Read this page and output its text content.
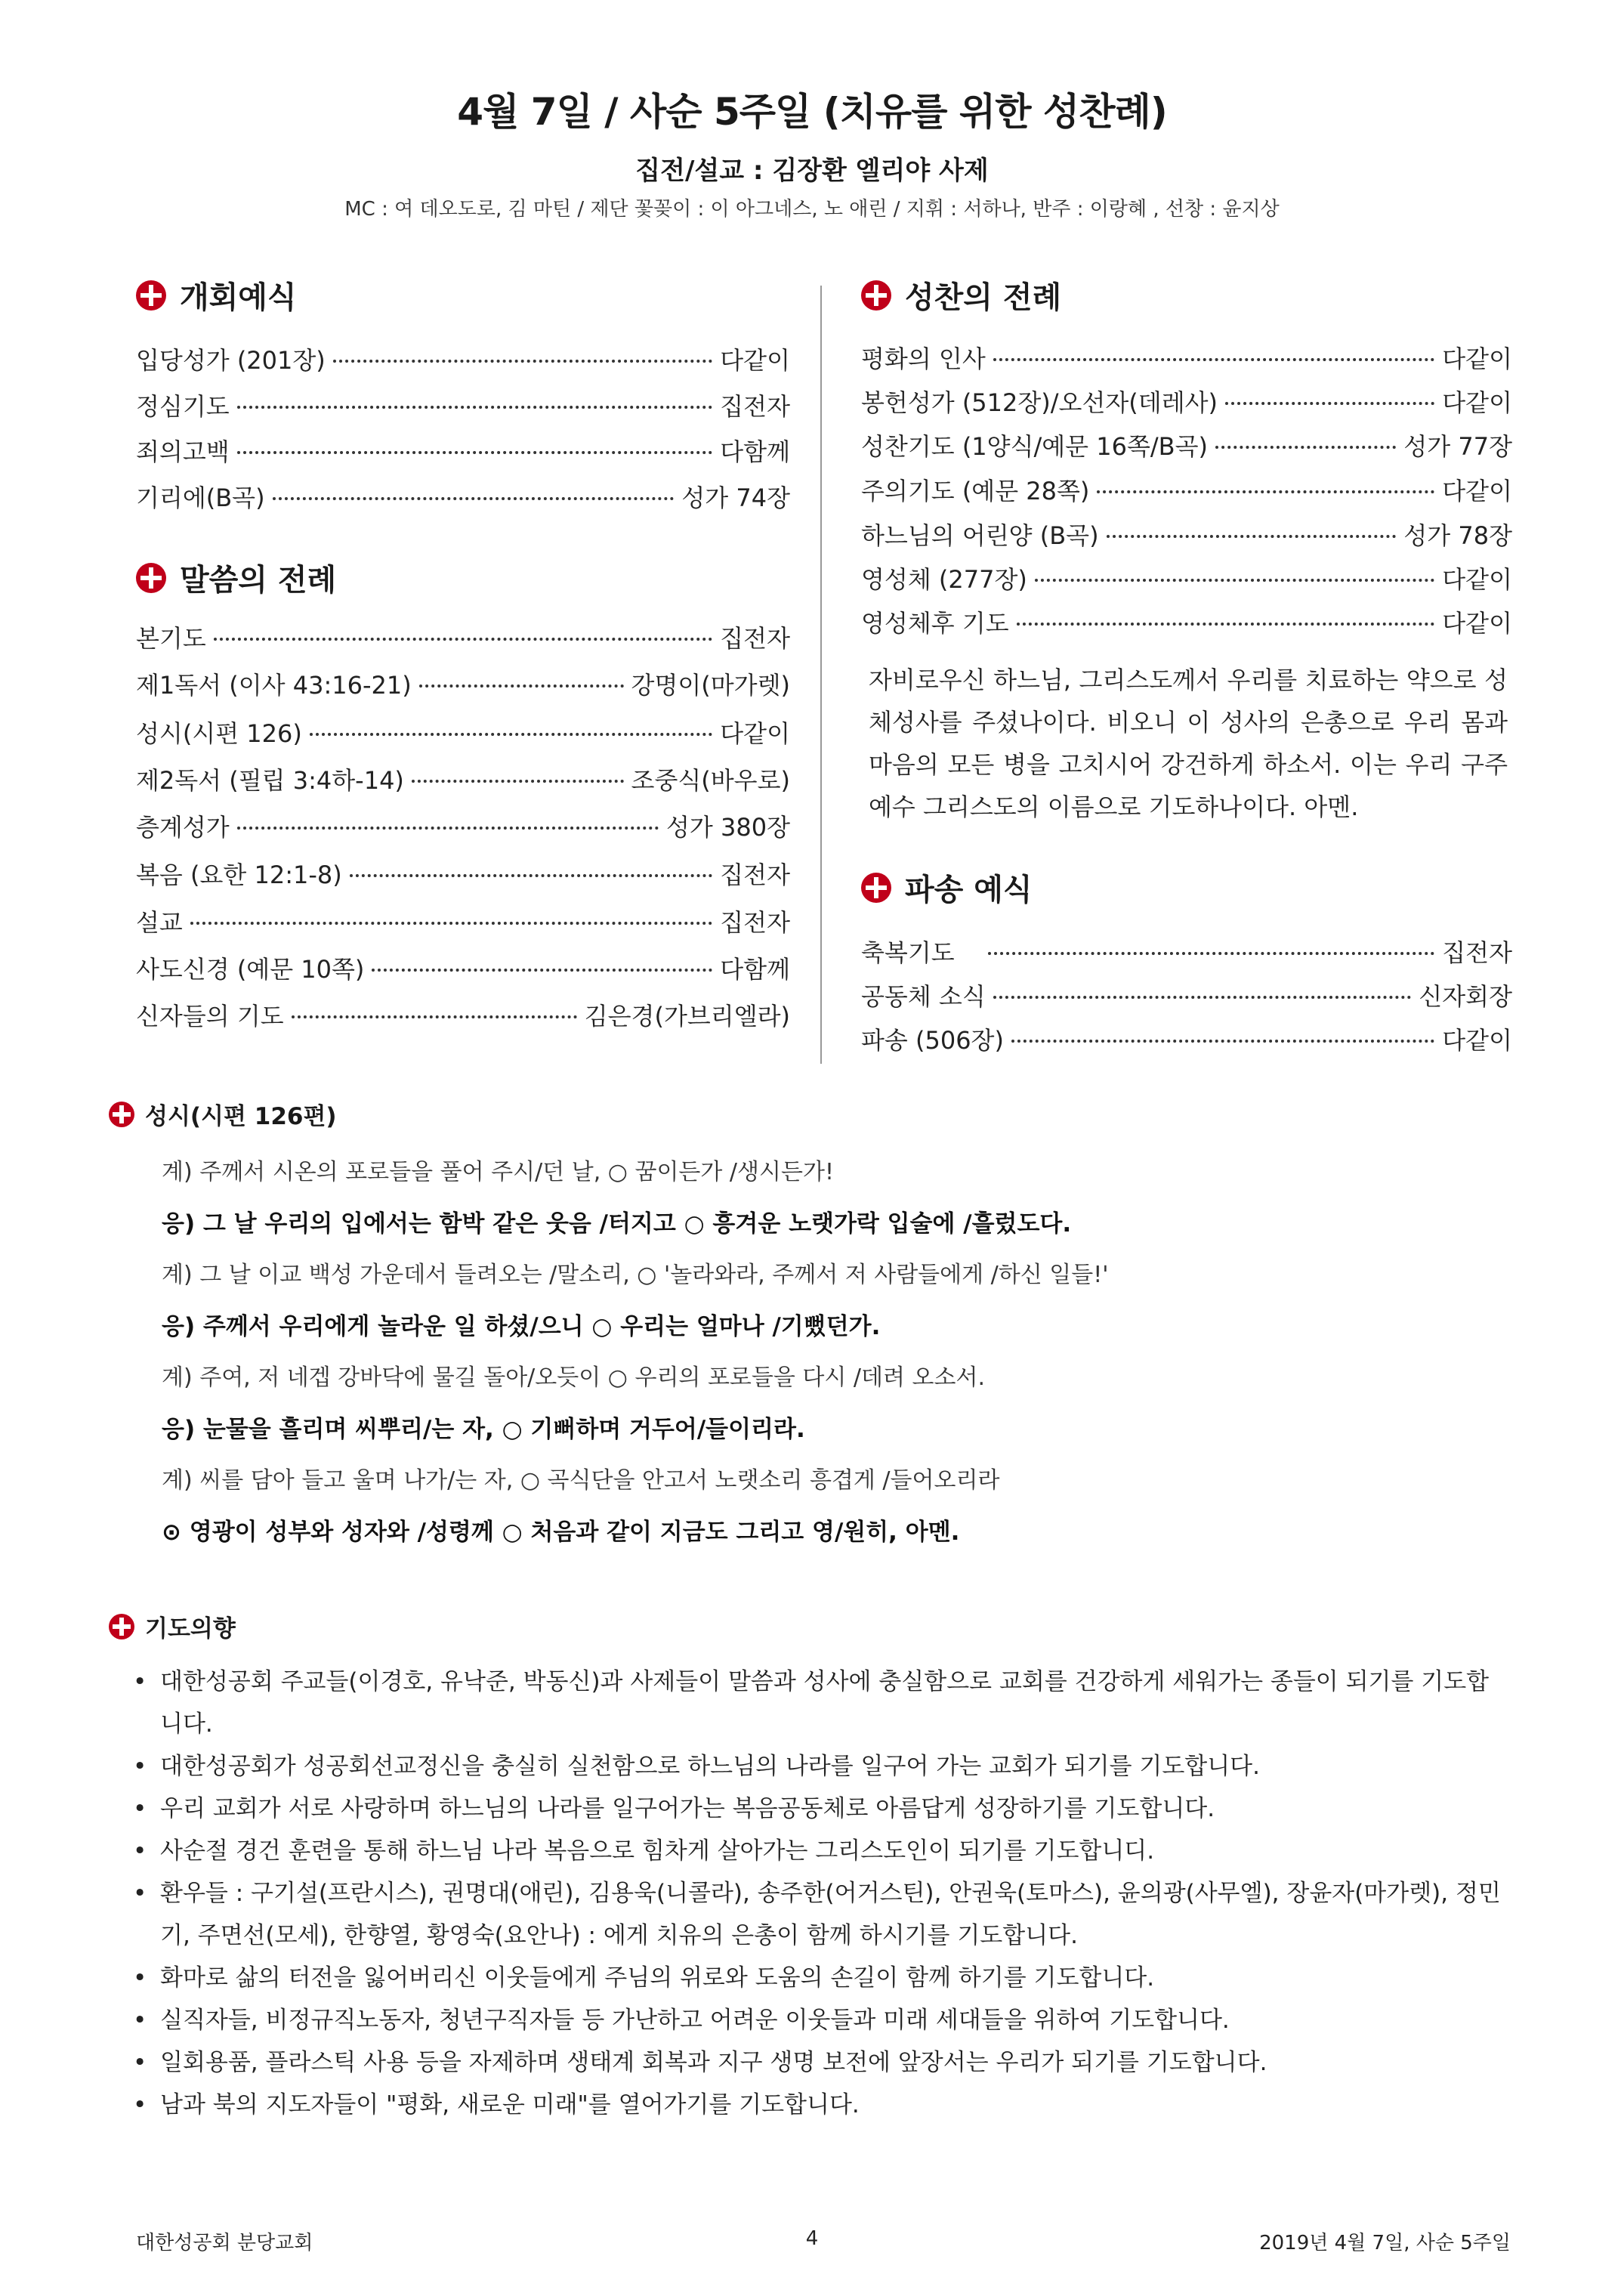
4월 7일 / 사순 5주일 (치유를 위한 성찬례)
집전/설교 : 김장환 엘리야 사제
MC : 여 데오도로, 김 마틴 / 제단 꽃꽂이 : 이 아그네스, 노 애린 / 지휘 : 서하나, 반주 : 이랑혜 , 선창 : 윤지상
개회예식
입당성가 (201장)	다같이
정심기도	집전자
죄의고백	다함께
기리에(B곡)	성가 74장
말씀의 전례
본기도	집전자
제1독서 (이사 43:16-21)	강명이(마가렛)
성시(시편 126)	다같이
제2독서 (필립 3:4하-14)	조중식(바우로)
층계성가	성가 380장
복음 (요한 12:1-8)	집전자
설교	집전자
사도신경 (예문 10쪽)	다함께
신자들의 기도	김은경(가브리엘라)
성찬의 전례
평화의 인사	다같이
봉헌성가 (512장)/오선자(데레사)	다같이
성찬기도 (1양식/예문 16쪽/B곡)	성가 77장
주의기도 (예문 28쪽)	다같이
하느님의 어린양 (B곡)	성가 78장
영성체 (277장)	다같이
영성체후 기도	다같이
자비로우신 하느님, 그리스도께서 우리를 치료하는 약으로 성체성사를 주셨나이다. 비오니 이 성사의 은총으로 우리 몸과 마음의 모든 병을 고치시어 강건하게 하소서. 이는 우리 구주 예수 그리스도의 이름으로 기도하나이다. 아멘.
파송 예식
축복기도	집전자
공동체 소식	신자회장
파송 (506장)	다같이
성시(시편 126편)
계) 주께서 시온의 포로들을 풀어 주시/던 날, ○ 꿈이든가 /생시든가!
응) 그 날 우리의 입에서는 함박 같은 웃음 /터지고 ○ 흥겨운 노랫가락 입술에 /흘렀도다.
계) 그 날 이교 백성 가운데서 들려오는 /말소리, ○ '놀라와라, 주께서 저 사람들에게 /하신 일들!'
응) 주께서 우리에게 놀라운 일 하셨/으니 ○ 우리는 얼마나 /기뻤던가.
계) 주여, 저 네겝 강바닥에 물길 돌아/오듯이 ○ 우리의 포로들을 다시 /데려 오소서.
응) 눈물을 흘리며 씨뿌리/는 자, ○ 기뻐하며 거두어/들이리라.
계) 씨를 담아 들고 울며 나가/는 자, ○ 곡식단을 안고서 노랫소리 흥겹게 /들어오리라
⊙ 영광이 성부와 성자와 /성령께 ○ 처음과 같이 지금도 그리고 영/원히, 아멘.
기도의향
• 대한성공회 주교들(이경호, 유낙준, 박동신)과 사제들이 말씀과 성사에 충실함으로 교회를 건강하게 세워가는 종들이 되기를 기도합니다.
• 대한성공회가 성공회선교정신을 충실히 실천함으로 하느님의 나라를 일구어 가는 교회가 되기를 기도합니다.
• 우리 교회가 서로 사랑하며 하느님의 나라를 일구어가는 복음공동체로 아름답게 성장하기를 기도합니다.
• 사순절 경건 훈련을 통해 하느님 나라 복음으로 힘차게 살아가는 그리스도인이 되기를 기도합니디.
• 환우들 : 구기설(프란시스), 권명대(애린), 김용욱(니콜라), 송주한(어거스틴), 안권욱(토마스), 윤의광(사무엘), 장윤자(마가렛), 정민기, 주면선(모세), 한향열, 황영숙(요안나) : 에게 치유의 은총이 함께 하시기를 기도합니다.
• 화마로 삶의 터전을 잃어버리신 이웃들에게 주님의 위로와 도움의 손길이 함께 하기를 기도합니다.
• 실직자들, 비정규직노동자, 청년구직자들 등 가난하고 어려운 이웃들과 미래 세대들을 위하여 기도합니다.
• 일회용품, 플라스틱 사용 등을 자제하며 생태계 회복과 지구 생명 보전에 앞장서는 우리가 되기를 기도합니다.
• 남과 북의 지도자들이 "평화, 새로운 미래"를 열어가기를 기도합니다.
대한성공회 분당교회	4	2019년 4월 7일, 사순 5주일
